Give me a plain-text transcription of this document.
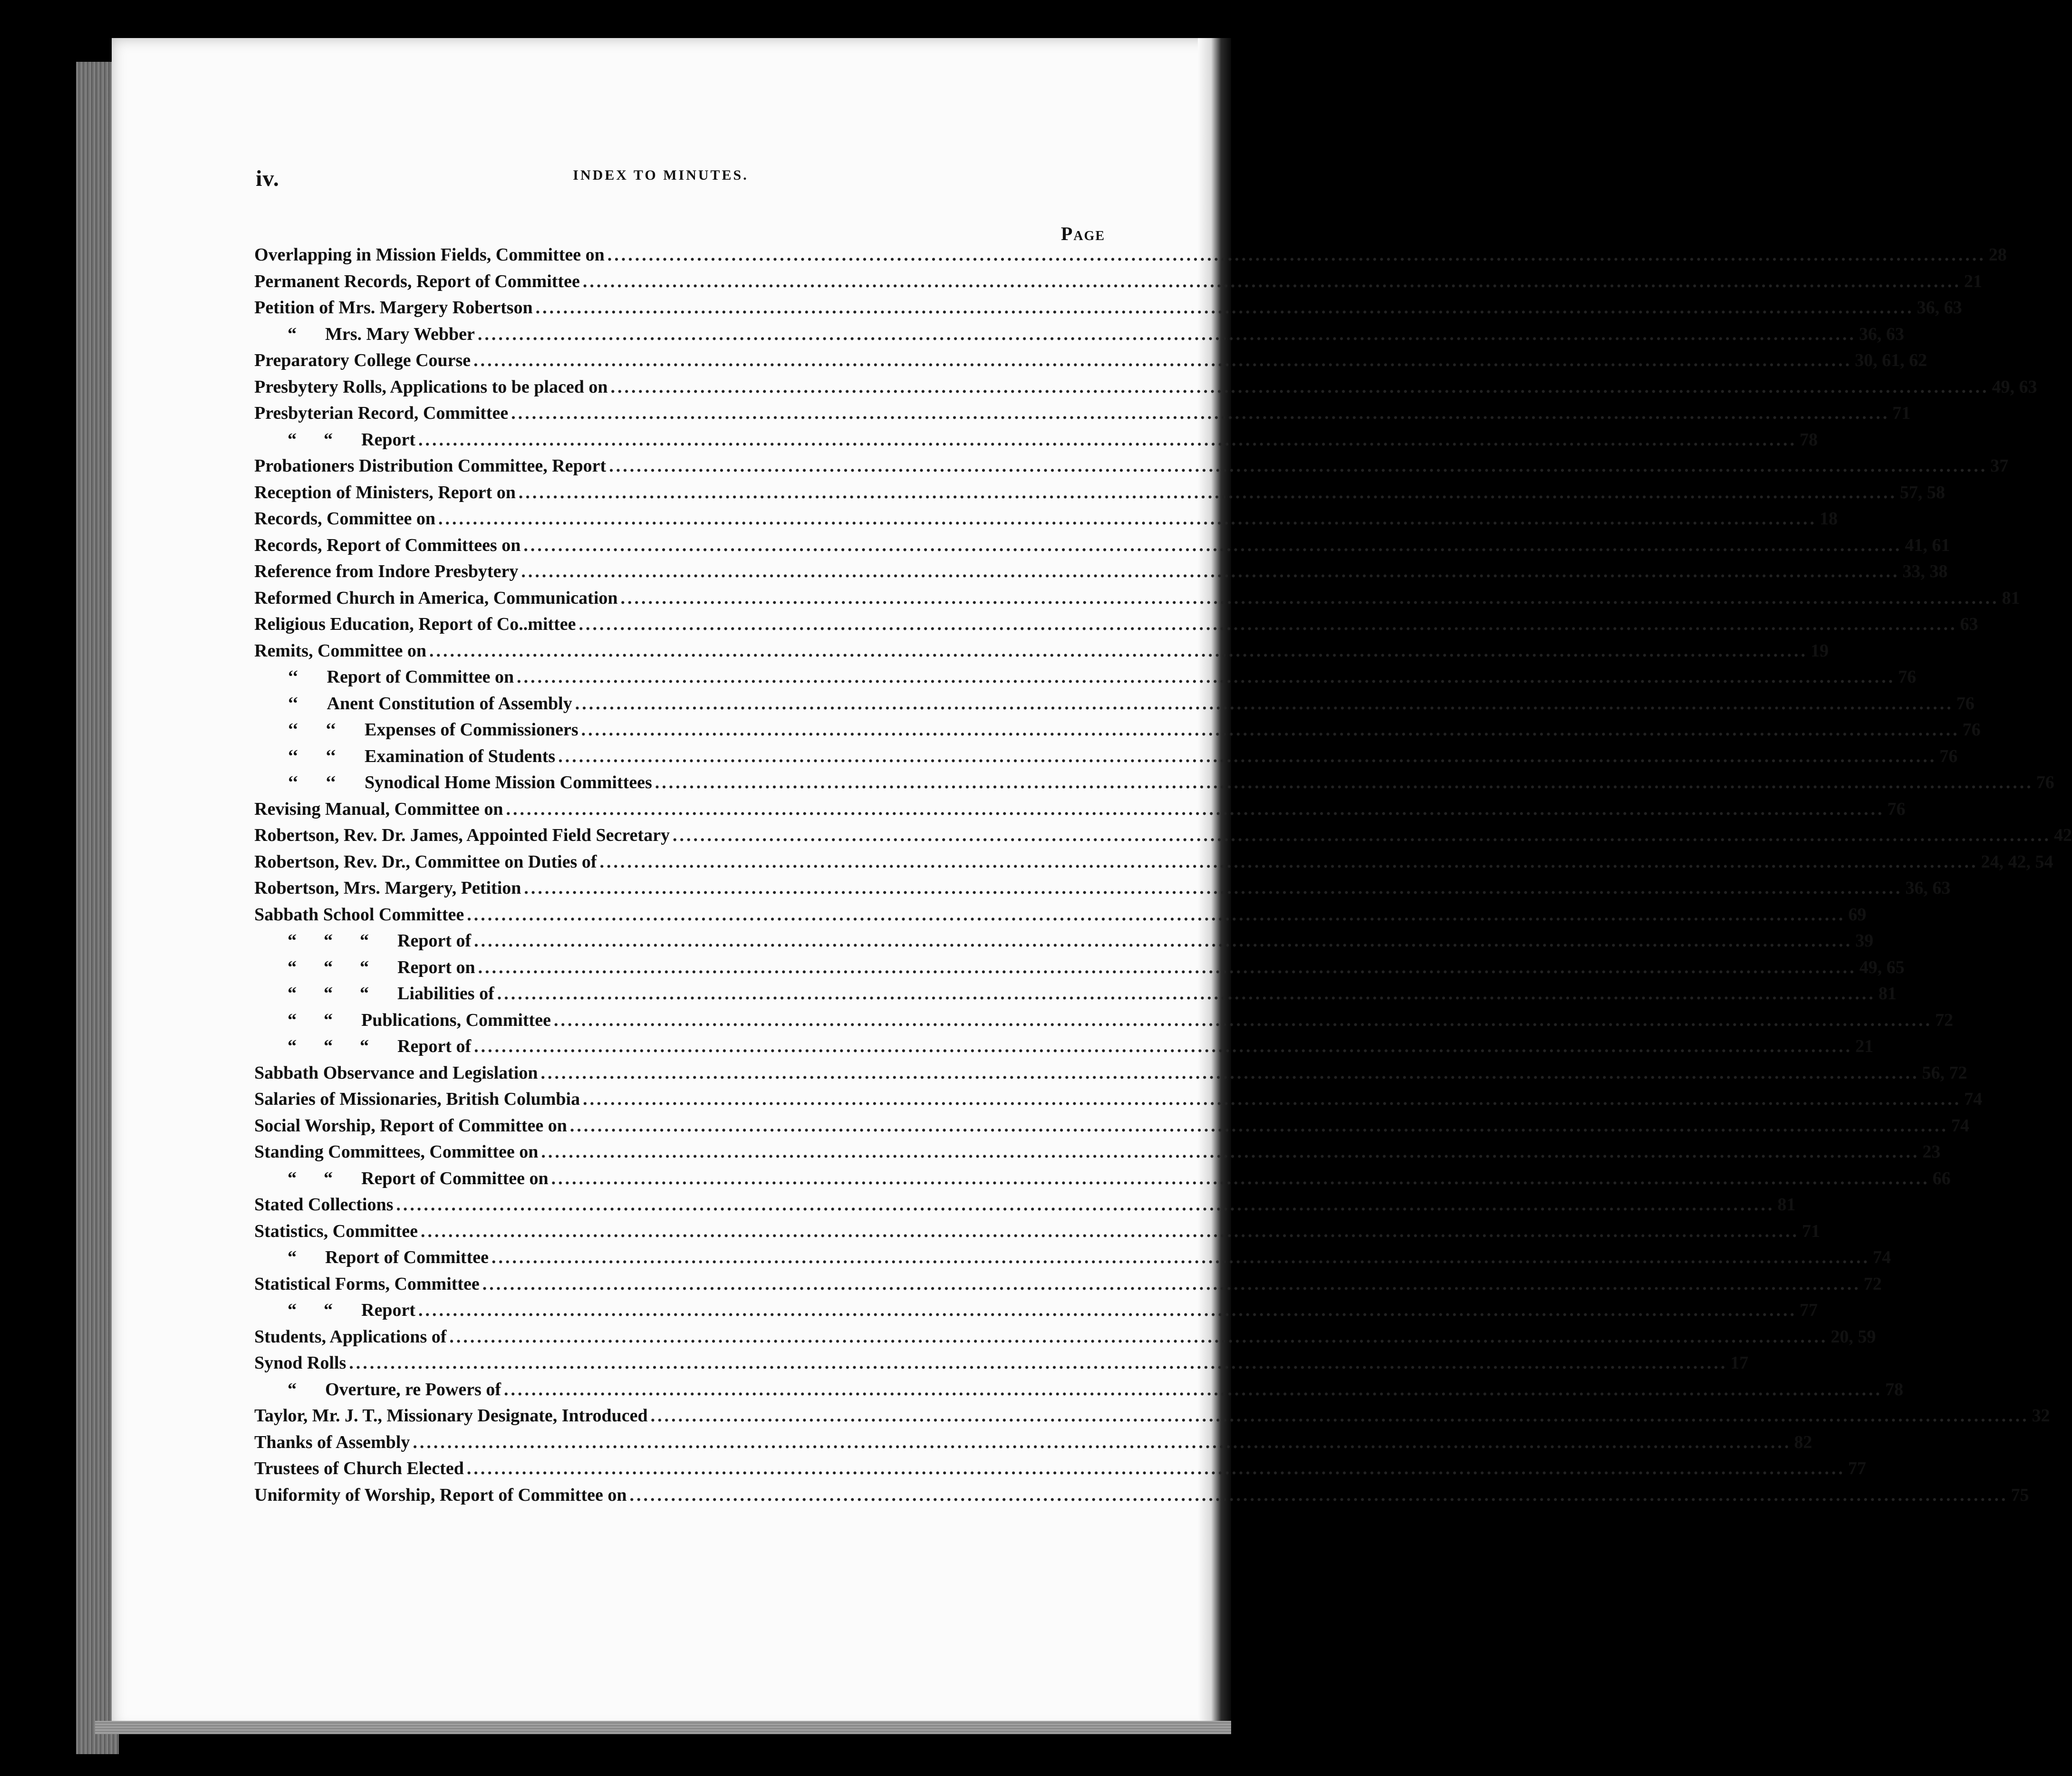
iv.	INDEX TO MINUTES.
Page
Overlapping in Mission Fields, Committee on ........................................................................................................................................................................................................ 28
Permanent Records, Report of Committee ........................................................................................................................................................................................................ 21
Petition of Mrs. Margery Robertson ........................................................................................................................................................................................................ 36, 63
“ Mrs. Mary Webber ........................................................................................................................................................................................................ 36, 63
Preparatory College Course ........................................................................................................................................................................................................ 30, 61, 62
Presbytery Rolls, Applications to be placed on ........................................................................................................................................................................................................ 49, 63
Presbyterian Record, Committee ........................................................................................................................................................................................................ 71
“      “ Report ........................................................................................................................................................................................................ 78
Probationers Distribution Committee, Report ........................................................................................................................................................................................................ 37
Reception of Ministers, Report on ........................................................................................................................................................................................................ 57, 58
Records, Committee on ........................................................................................................................................................................................................ 18
Records, Report of Committees on ........................................................................................................................................................................................................ 41, 61
Reference from Indore Presbytery ........................................................................................................................................................................................................ 33, 38
Reformed Church in America, Communication ........................................................................................................................................................................................................ 81
Religious Education, Report of Co..mittee ........................................................................................................................................................................................................ 63
Remits, Committee on ........................................................................................................................................................................................................ 19
‘‘ Report of Committee on ........................................................................................................................................................................................................ 76
‘‘ Anent Constitution of Assembly ........................................................................................................................................................................................................ 76
‘‘      ‘‘ Expenses of Commissioners ........................................................................................................................................................................................................ 76
‘‘      ‘‘ Examination of Students ........................................................................................................................................................................................................ 76
‘‘      ‘‘ Synodical Home Mission Committees ........................................................................................................................................................................................................ 76
Revising Manual, Committee on ........................................................................................................................................................................................................ 76
Robertson, Rev. Dr. James, Appointed Field Secretary ........................................................................................................................................................................................................ 42
Robertson, Rev. Dr., Committee on Duties of ........................................................................................................................................................................................................ 24, 42, 54
Robertson, Mrs. Margery, Petition ........................................................................................................................................................................................................ 36, 63
Sabbath School Committee ........................................................................................................................................................................................................ 69
“      “      “ Report of ........................................................................................................................................................................................................ 39
“      “      “ Report on ........................................................................................................................................................................................................ 49, 65
“      “      “ Liabilities of ........................................................................................................................................................................................................ 81
“      “ Publications, Committee ........................................................................................................................................................................................................ 72
“      “      “ Report of ........................................................................................................................................................................................................ 21
Sabbath Observance and Legislation ........................................................................................................................................................................................................ 56, 72
Salaries of Missionaries, British Columbia ........................................................................................................................................................................................................ 74
Social Worship, Report of Committee on ........................................................................................................................................................................................................ 74
Standing Committees, Committee on ........................................................................................................................................................................................................ 23
“      “ Report of Committee on ........................................................................................................................................................................................................ 66
Stated Collections ........................................................................................................................................................................................................ 81
Statistics, Committee ........................................................................................................................................................................................................ 71
“ Report of Committee ........................................................................................................................................................................................................ 74
Statistical Forms, Committee ........................................................................................................................................................................................................ 72
“      “ Report ........................................................................................................................................................................................................ 77
Students, Applications of ........................................................................................................................................................................................................ 20, 59
Synod Rolls ........................................................................................................................................................................................................ 17
“ Overture, re Powers of ........................................................................................................................................................................................................ 78
Taylor, Mr. J. T., Missionary Designate, Introduced ........................................................................................................................................................................................................ 32
Thanks of Assembly ........................................................................................................................................................................................................ 82
Trustees of Church Elected ........................................................................................................................................................................................................ 77
Uniformity of Worship, Report of Committee on ........................................................................................................................................................................................................ 75
